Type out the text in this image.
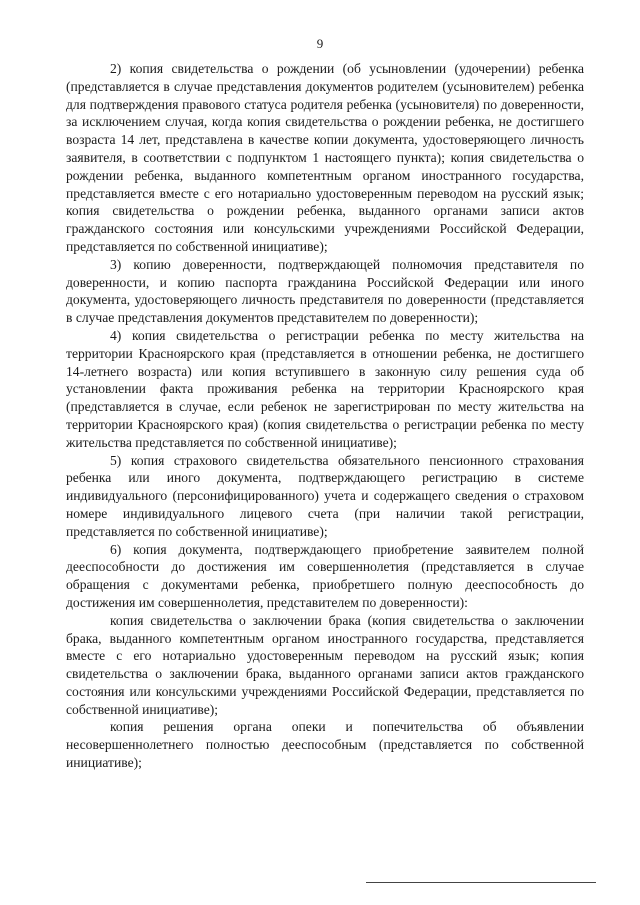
9

2) копия свидетельства о рождении (об усыновлении (удочерении) ребенка (представляется в случае представления документов родителем (усыновителем) ребенка для подтверждения правового статуса родителя ребенка (усыновителя) по доверенности, за исключением случая, когда копия свидетельства о рождении ребенка, не достигшего возраста 14 лет, представлена в качестве копии документа, удостоверяющего личность заявителя, в соответствии с подпунктом 1 настоящего пункта); копия свидетельства о рождении ребенка, выданного компетентным органом иностранного государства, представляется вместе с его нотариально удостоверенным переводом на русский язык; копия свидетельства о рождении ребенка, выданного органами записи актов гражданского состояния или консульскими учреждениями Российской Федерации, представляется по собственной инициативе);

3) копию доверенности, подтверждающей полномочия представителя по доверенности, и копию паспорта гражданина Российской Федерации или иного документа, удостоверяющего личность представителя по доверенности (представляется в случае представления документов представителем по доверенности);

4) копия свидетельства о регистрации ребенка по месту жительства на территории Красноярского края (представляется в отношении ребенка, не достигшего 14-летнего возраста) или копия вступившего в законную силу решения суда об установлении факта проживания ребенка на территории Красноярского края (представляется в случае, если ребенок не зарегистрирован по месту жительства на территории Красноярского края) (копия свидетельства о регистрации ребенка по месту жительства представляется по собственной инициативе);

5) копия страхового свидетельства обязательного пенсионного страхования ребенка или иного документа, подтверждающего регистрацию в системе индивидуального (персонифицированного) учета и содержащего сведения о страховом номере индивидуального лицевого счета (при наличии такой регистрации, представляется по собственной инициативе);

6) копия документа, подтверждающего приобретение заявителем полной дееспособности до достижения им совершеннолетия (представляется в случае обращения с документами ребенка, приобретшего полную дееспособность до достижения им совершеннолетия, представителем по доверенности):

копия свидетельства о заключении брака (копия свидетельства о заключении брака, выданного компетентным органом иностранного государства, представляется вместе с его нотариально удостоверенным переводом на русский язык; копия свидетельства о заключении брака, выданного органами записи актов гражданского состояния или консульскими учреждениями Российской Федерации, представляется по собственной инициативе);

копия решения органа опеки и попечительства об объявлении несовершеннолетнего полностью дееспособным (представляется по собственной инициативе);
